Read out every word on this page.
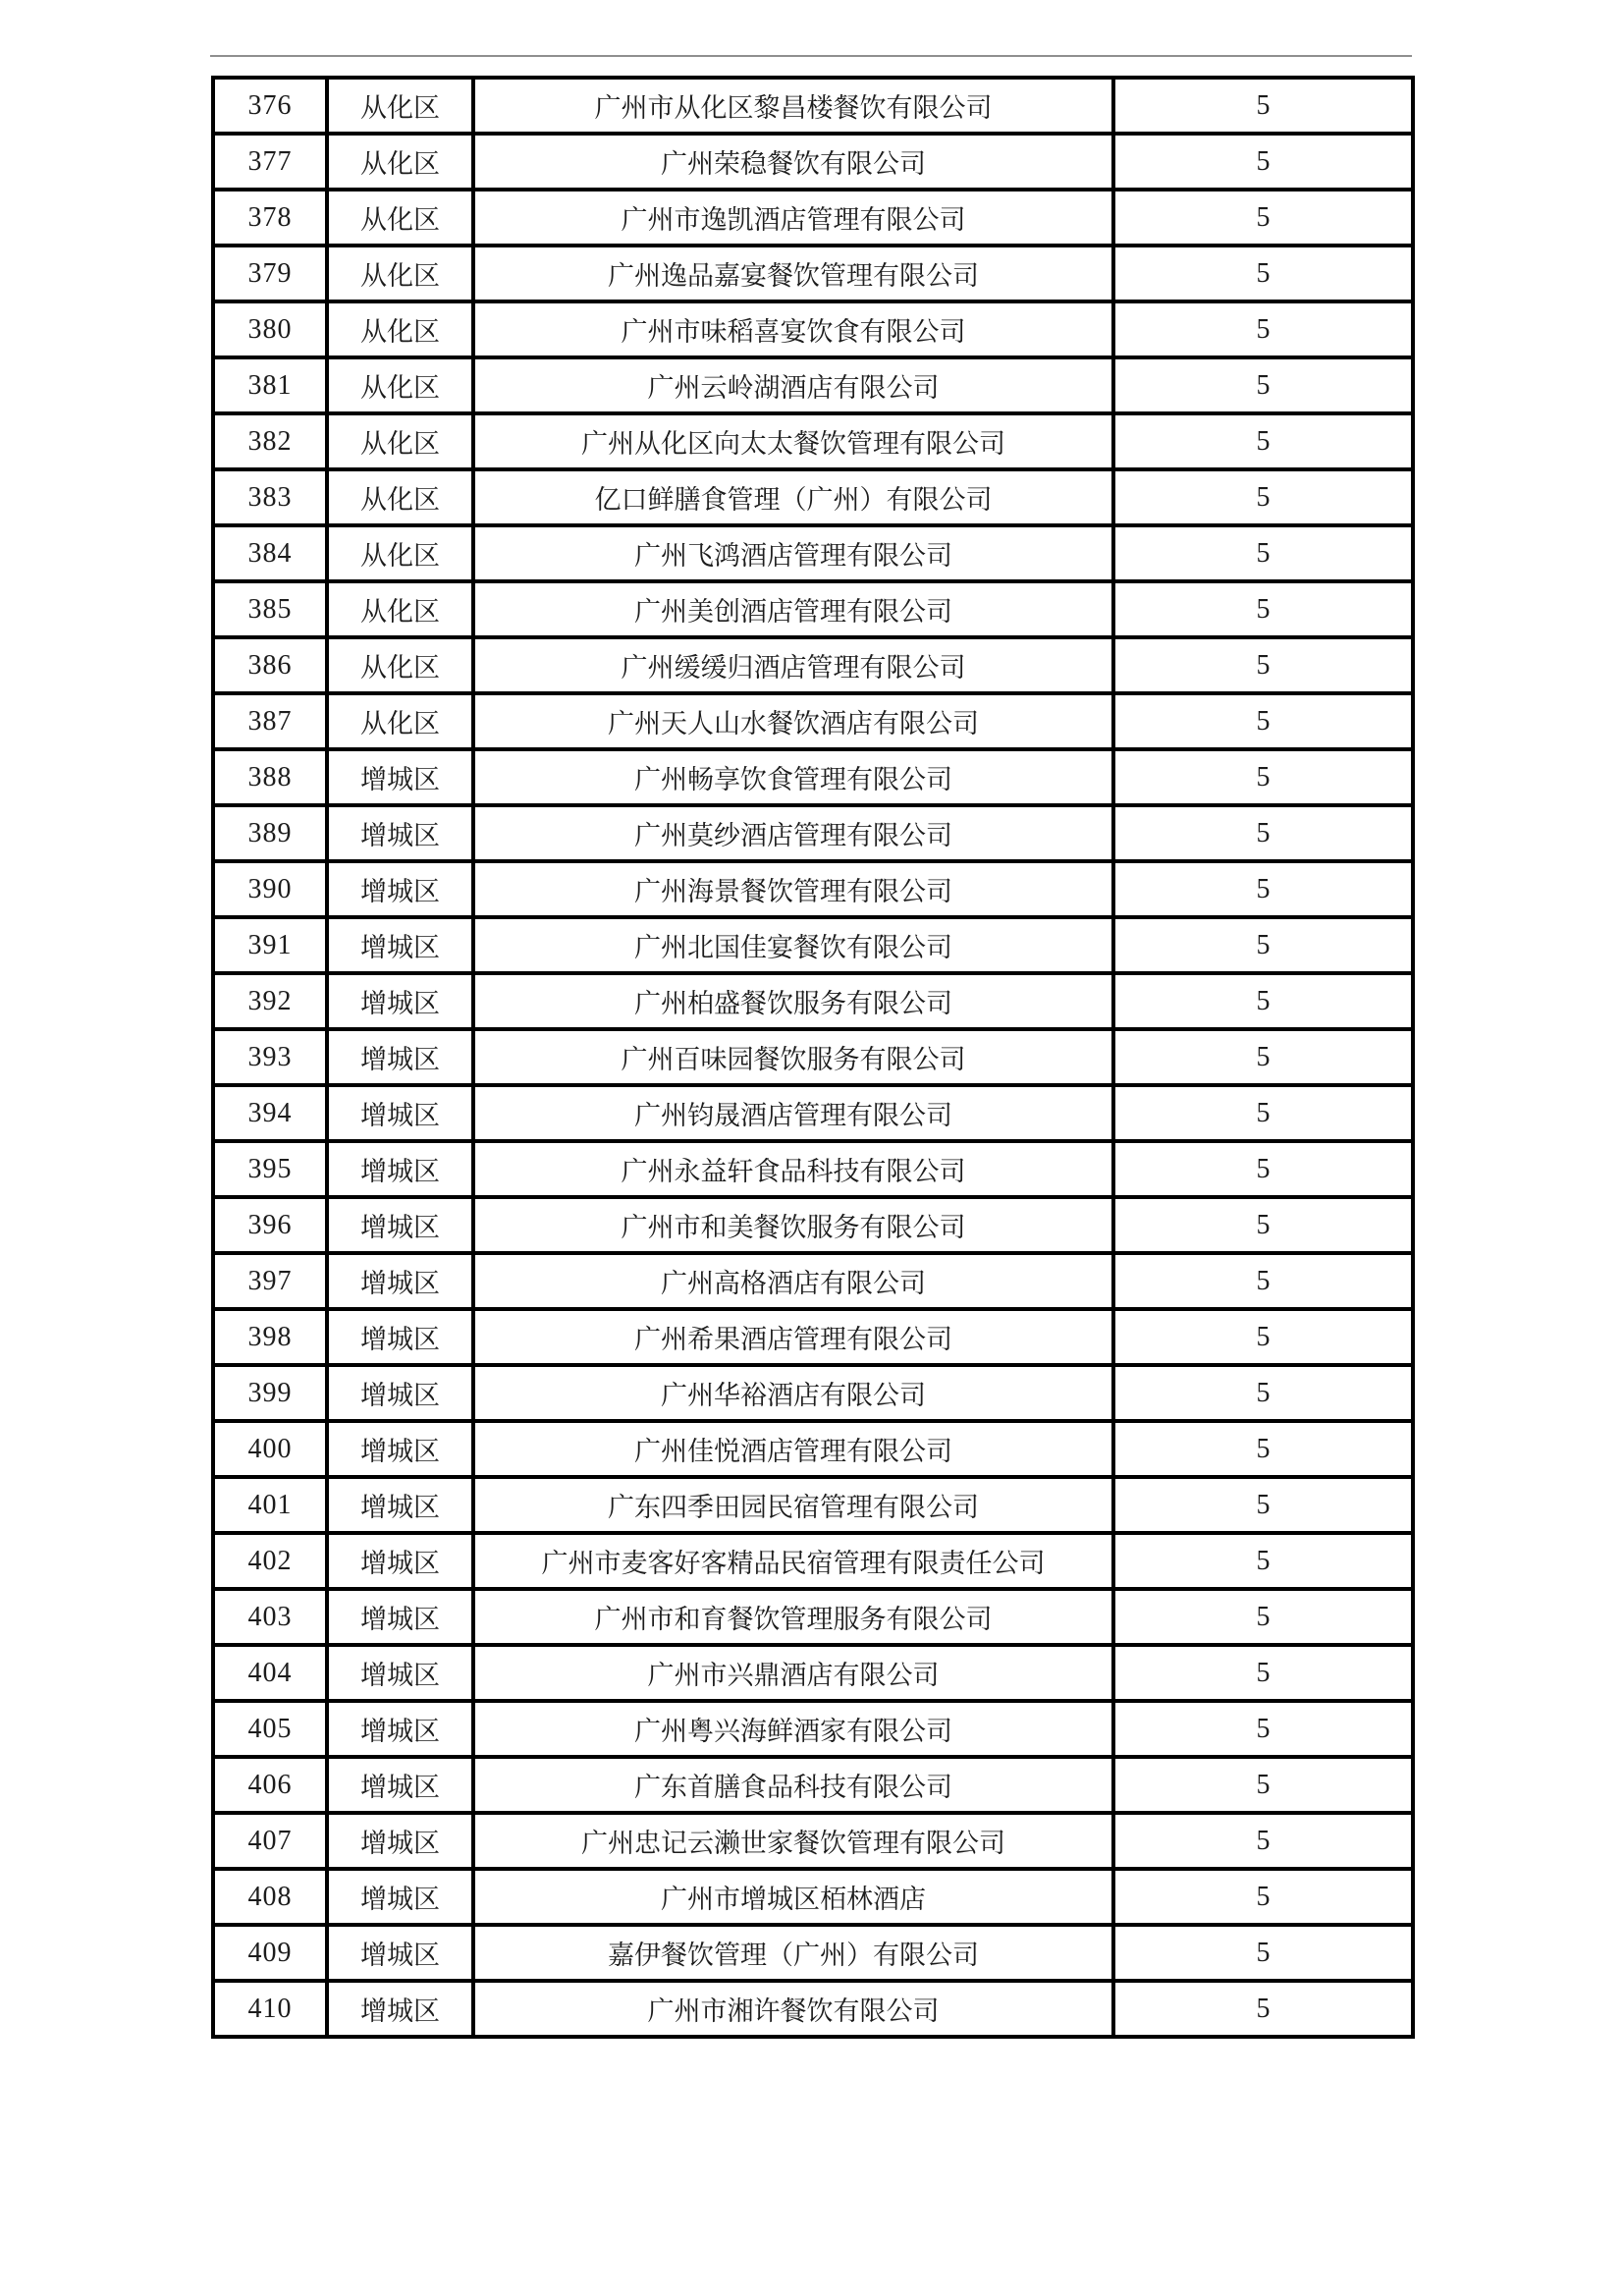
376	从化区	广州市从化区黎昌楼餐饮有限公司	5
377	从化区	广州荣稳餐饮有限公司	5
378	从化区	广州市逸凯酒店管理有限公司	5
379	从化区	广州逸品嘉宴餐饮管理有限公司	5
380	从化区	广州市味稻喜宴饮食有限公司	5
381	从化区	广州云岭湖酒店有限公司	5
382	从化区	广州从化区向太太餐饮管理有限公司	5
383	从化区	亿口鲜膳食管理（广州）有限公司	5
384	从化区	广州飞鸿酒店管理有限公司	5
385	从化区	广州美创酒店管理有限公司	5
386	从化区	广州缓缓归酒店管理有限公司	5
387	从化区	广州天人山水餐饮酒店有限公司	5
388	增城区	广州畅享饮食管理有限公司	5
389	增城区	广州莫纱酒店管理有限公司	5
390	增城区	广州海景餐饮管理有限公司	5
391	增城区	广州北国佳宴餐饮有限公司	5
392	增城区	广州柏盛餐饮服务有限公司	5
393	增城区	广州百味园餐饮服务有限公司	5
394	增城区	广州钧晟酒店管理有限公司	5
395	增城区	广州永益轩食品科技有限公司	5
396	增城区	广州市和美餐饮服务有限公司	5
397	增城区	广州高格酒店有限公司	5
398	增城区	广州希果酒店管理有限公司	5
399	增城区	广州华裕酒店有限公司	5
400	增城区	广州佳悦酒店管理有限公司	5
401	增城区	广东四季田园民宿管理有限公司	5
402	增城区	广州市麦客好客精品民宿管理有限责任公司	5
403	增城区	广州市和育餐饮管理服务有限公司	5
404	增城区	广州市兴鼎酒店有限公司	5
405	增城区	广州粤兴海鲜酒家有限公司	5
406	增城区	广东首膳食品科技有限公司	5
407	增城区	广州忠记云濑世家餐饮管理有限公司	5
408	增城区	广州市增城区栢林酒店	5
409	增城区	嘉伊餐饮管理（广州）有限公司	5
410	增城区	广州市湘许餐饮有限公司	5
